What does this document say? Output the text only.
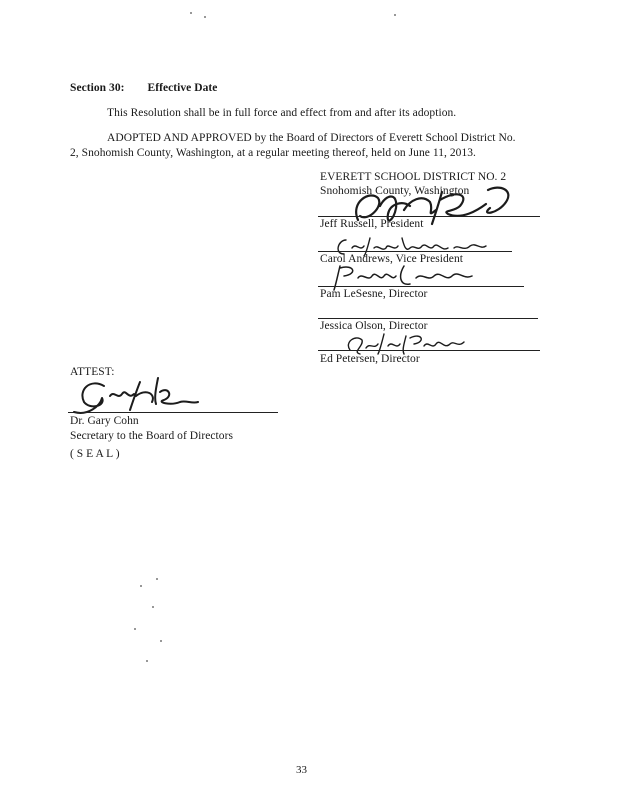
Section 30: Effective Date
This Resolution shall be in full force and effect from and after its adoption.
ADOPTED AND APPROVED by the Board of Directors of Everett School District No.
2, Snohomish County, Washington, at a regular meeting thereof, held on June 11, 2013.
EVERETT SCHOOL DISTRICT NO. 2
Snohomish County, Washington
Jeff Russell, President
Carol Andrews, Vice President
Pam LeSesne, Director
Jessica Olson, Director
Ed Petersen, Director
ATTEST:
Dr. Gary Cohn
Secretary to the Board of Directors
( S E A L )
33
